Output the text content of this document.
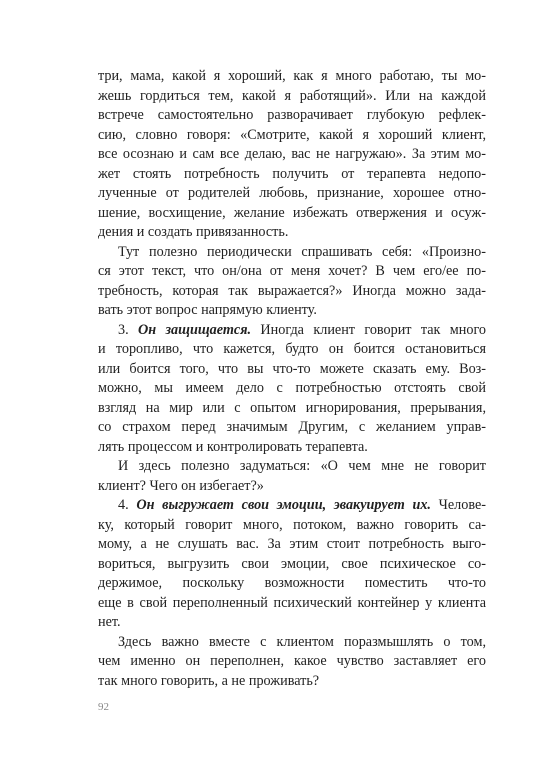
три, мама, какой я хороший, как я много работаю, ты мо-
жешь гордиться тем, какой я работящий». Или на каждой
встрече самостоятельно разворачивает глубокую рефлек-
сию, словно говоря: «Смотрите, какой я хороший клиент,
все осознаю и сам все делаю, вас не нагружаю». За этим мо-
жет стоять потребность получить от терапевта недопо-
лученные от родителей любовь, признание, хорошее отно-
шение, восхищение, желание избежать отвержения и осуж-
дения и создать привязанность.
Тут полезно периодически спрашивать себя: «Произно-
ся этот текст, что он/она от меня хочет? В чем его/ее по-
требность, которая так выражается?» Иногда можно зада-
вать этот вопрос напрямую клиенту.
3. Он защищается. Иногда клиент говорит так много
и торопливо, что кажется, будто он боится остановиться
или боится того, что вы что-то можете сказать ему. Воз-
можно, мы имеем дело с потребностью отстоять свой
взгляд на мир или с опытом игнорирования, прерывания,
со страхом перед значимым Другим, с желанием управ-
лять процессом и контролировать терапевта.
И здесь полезно задуматься: «О чем мне не говорит
клиент? Чего он избегает?»
4. Он выгружает свои эмоции, эвакуирует их. Челове-
ку, который говорит много, потоком, важно говорить са-
мому, а не слушать вас. За этим стоит потребность выго-
вориться, выгрузить свои эмоции, свое психическое со-
держимое, поскольку возможности поместить что-то
еще в свой переполненный психический контейнер у клиента
нет.
Здесь важно вместе с клиентом поразмышлять о том,
чем именно он переполнен, какое чувство заставляет его
так много говорить, а не проживать?
92
